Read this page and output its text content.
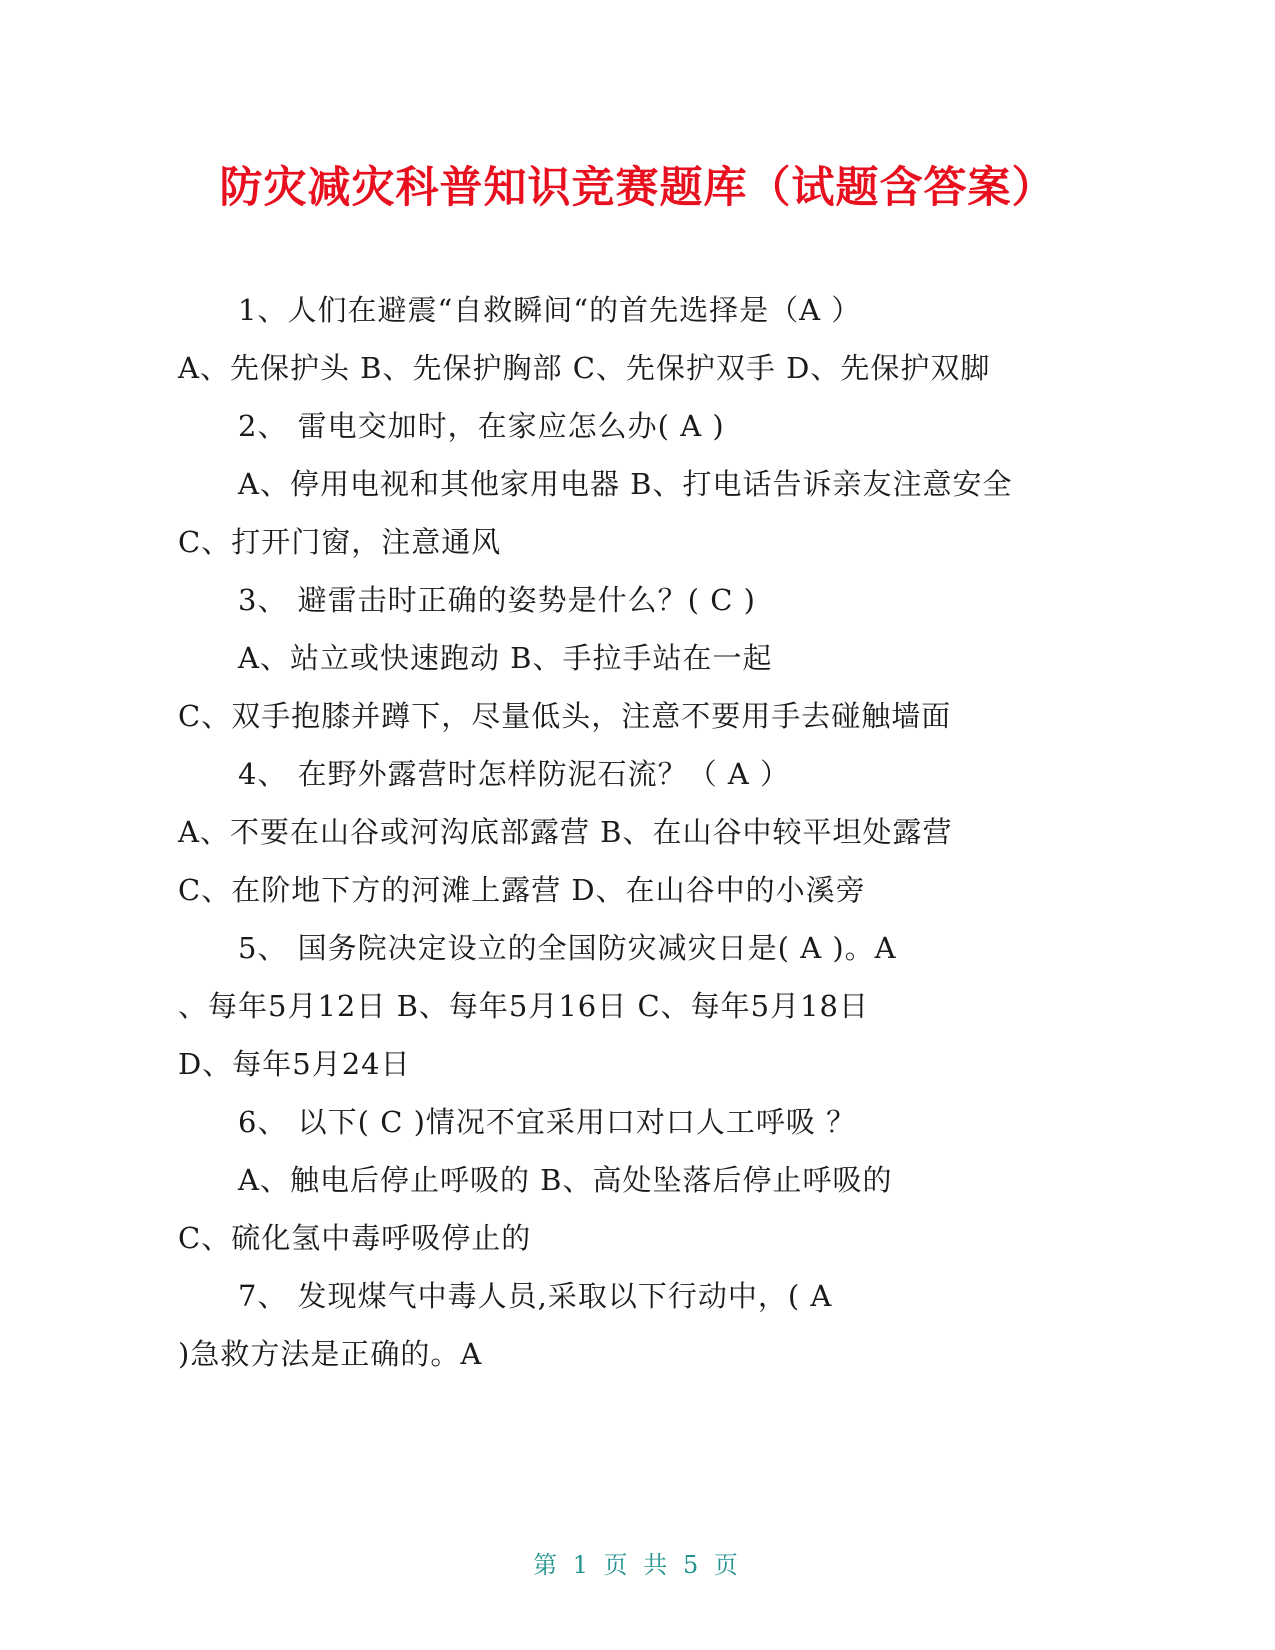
防灾减灾科普知识竞赛题库（试题含答案）
1、人们在避震“自救瞬间“的首先选择是（A ）
A、先保护头 B、先保护胸部 C、先保护双手 D、先保护双脚
2、 雷电交加时，在家应怎么办( A )
A、停用电视和其他家用电器 B、打电话告诉亲友注意安全
C、打开门窗，注意通风
3、 避雷击时正确的姿势是什么？( C )
A、站立或快速跑动 B、手拉手站在一起
C、双手抱膝并蹲下，尽量低头，注意不要用手去碰触墙面
4、 在野外露营时怎样防泥石流？（ A ）
A、不要在山谷或河沟底部露营 B、在山谷中较平坦处露营
C、在阶地下方的河滩上露营 D、在山谷中的小溪旁
5、 国务院决定设立的全国防灾减灾日是( A )。A
、每年5月12日 B、每年5月16日 C、每年5月18日
D、每年5月24日
6、 以下( C )情况不宜采用口对口人工呼吸 ？
A、触电后停止呼吸的 B、高处坠落后停止呼吸的
C、硫化氢中毒呼吸停止的
7、 发现煤气中毒人员,采取以下行动中，( A
)急救方法是正确的。A
第 1 页 共 5 页
